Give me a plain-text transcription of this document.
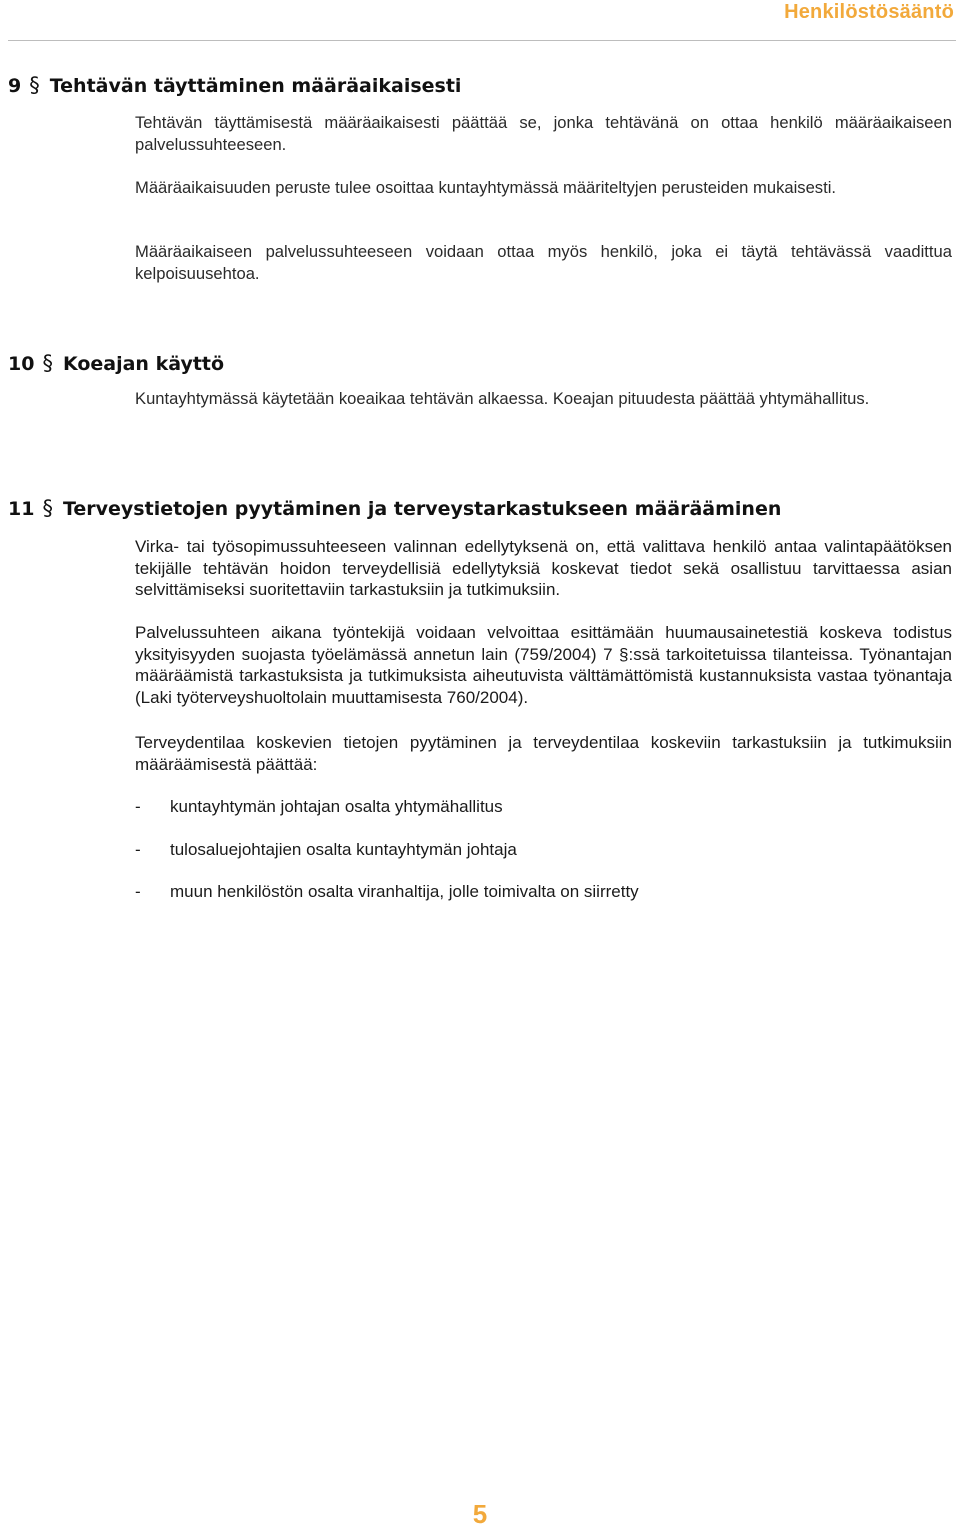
Henkilöstösääntö
9 § Tehtävän täyttäminen määräaikaisesti

Tehtävän täyttämisestä määräaikaisesti päättää se, jonka tehtävänä on ottaa henkilö määräaikaiseen palvelussuhteeseen.

Määräaikaisuuden peruste tulee osoittaa kuntayhtymässä määriteltyjen perusteiden mukaisesti.

Määräaikaiseen palvelussuhteeseen voidaan ottaa myös henkilö, joka ei täytä tehtävässä vaadittua kelpoisuusehtoa.

10 § Koeajan käyttö

Kuntayhtymässä käytetään koeaikaa tehtävän alkaessa. Koeajan pituudesta päättää yhtymähallitus.

11 § Terveystietojen pyytäminen ja terveystarkastukseen määrääminen

Virka- tai työsopimussuhteeseen valinnan edellytyksenä on, että valittava henkilö antaa valintapäätöksen tekijälle tehtävän hoidon terveydellisiä edellytyksiä koskevat tiedot sekä osallistuu tarvittaessa asian selvittämiseksi suoritettaviin tarkastuksiin ja tutkimuksiin.

Palvelussuhteen aikana työntekijä voidaan velvoittaa esittämään huumausainetestiä koskeva todistus yksityisyyden suojasta työelämässä annetun lain (759/2004) 7 §:ssä tarkoitetuissa tilanteissa. Työnantajan määräämistä tarkastuksista ja tutkimuksista aiheutuvista välttämättömistä kustannuksista vastaa työnantaja (Laki työterveyshuoltolain muuttamisesta 760/2004).

Terveydentilaa koskevien tietojen pyytäminen ja terveydentilaa koskeviin tarkastuksiin ja tutkimuksiin määräämisestä päättää:

- kuntayhtymän johtajan osalta yhtymähallitus
- tulosaluejohtajien osalta kuntayhtymän johtaja
- muun henkilöstön osalta viranhaltija, jolle toimivalta on siirretty
5
